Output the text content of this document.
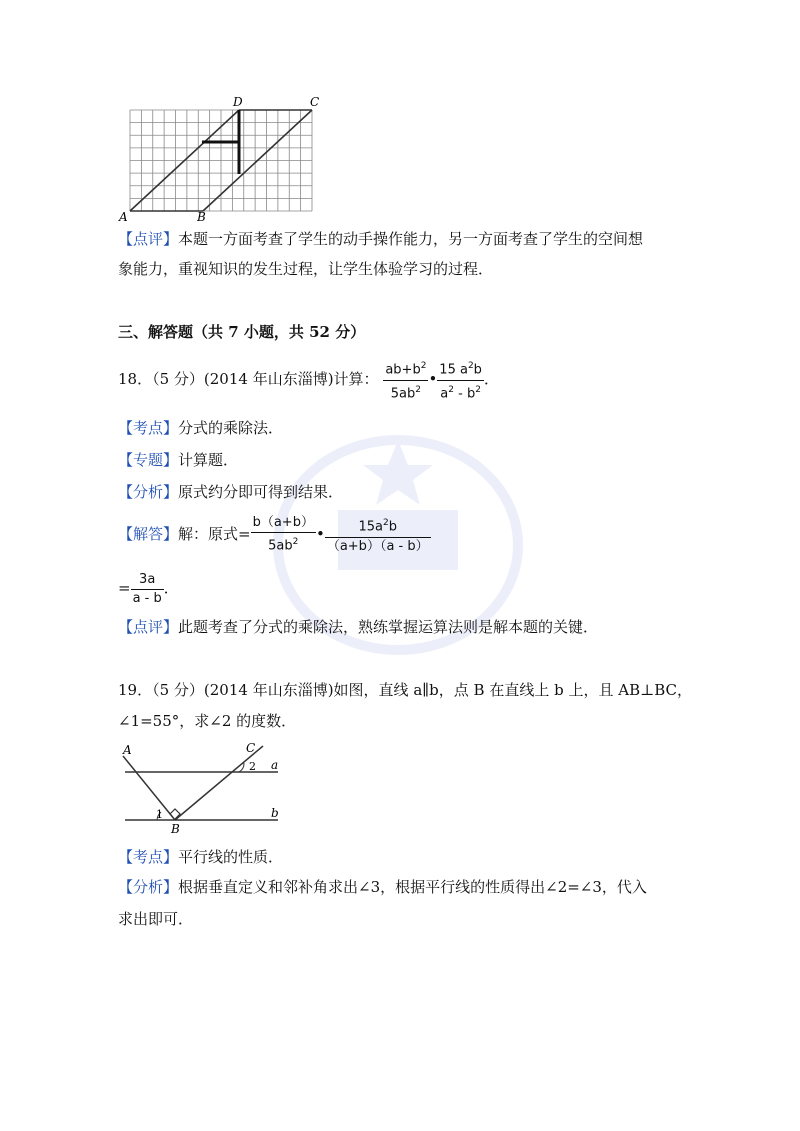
A	B
D	C
【点评】本题一方面考查了学生的动手操作能力，另一方面考查了学生的空间想
象能力，重视知识的发生过程，让学生体验学习的过程．
三、解答题（共 7 小题，共 52 分）
18．（5 分）(2014 年山东淄博)计算： $\frac{ab+b^2}{5ab^2}$ • $\frac{15 a^2b}{a^2 - b^2}$ ．
【考点】分式的乘除法．
【专题】计算题．
【分析】原式约分即可得到结果．
【解答】解：原式= $\frac{b(a+b)}{5ab^2}$ • $\frac{15a^2b}{(a+b)(a - b)}$
= $\frac{3a}{a - b}$ ．
【点评】此题考查了分式的乘除法，熟练掌握运算法则是解本题的关键．
19．（5 分）(2014 年山东淄博)如图，直线 a∥b，点 B 在直线上 b 上，且 AB⊥BC，
∠1=55°，求∠2 的度数．
A	C
B
a
b
1
2
【考点】平行线的性质．
【分析】根据垂直定义和邻补角求出∠3，根据平行线的性质得出∠2=∠3，代入
求出即可．
